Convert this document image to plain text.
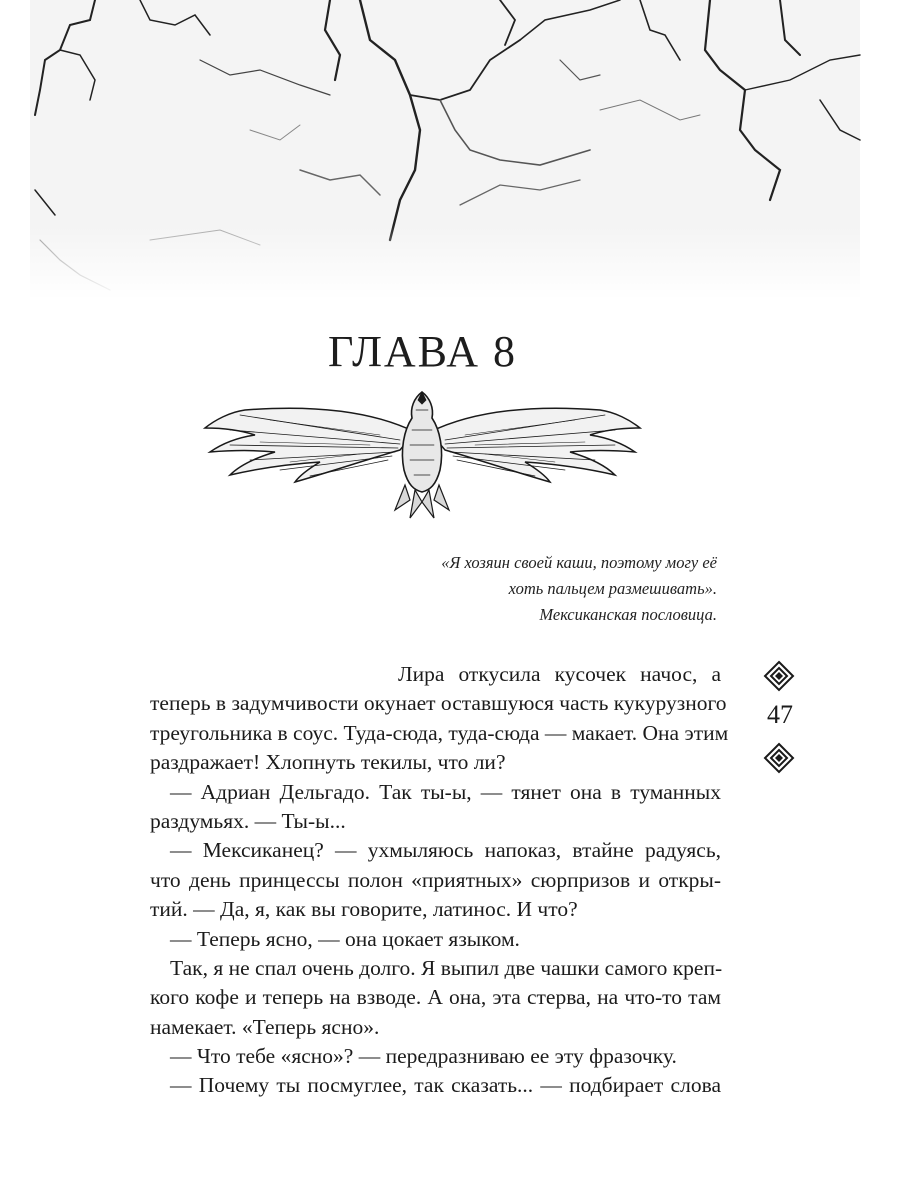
ГЛАВА 8
«Я хозяин своей каши, поэтому могу её
хоть пальцем размешивать».
Мексиканская пословица.
47
Лира откусила кусочек начос, а
теперь в задумчивости окунает оставшуюся часть кукурузного
треугольника в соус. Туда-сюда, туда-сюда — макает. Она этим
раздражает! Хлопнуть текилы, что ли?
— Адриан Дельгадо. Так ты-ы, — тянет она в туманных
раздумьях. — Ты-ы...
— Мексиканец? — ухмыляюсь напоказ, втайне радуясь,
что день принцессы полон «приятных» сюрпризов и откры-
тий. — Да, я, как вы говорите, латинос. И что?
— Теперь ясно, — она цокает языком.
Так, я не спал очень долго. Я выпил две чашки самого креп-
кого кофе и теперь на взводе. А она, эта стерва, на что-то там
намекает. «Теперь ясно».
— Что тебе «ясно»? — передразниваю ее эту фразочку.
— Почему ты посмуглее, так сказать... — подбирает слова
